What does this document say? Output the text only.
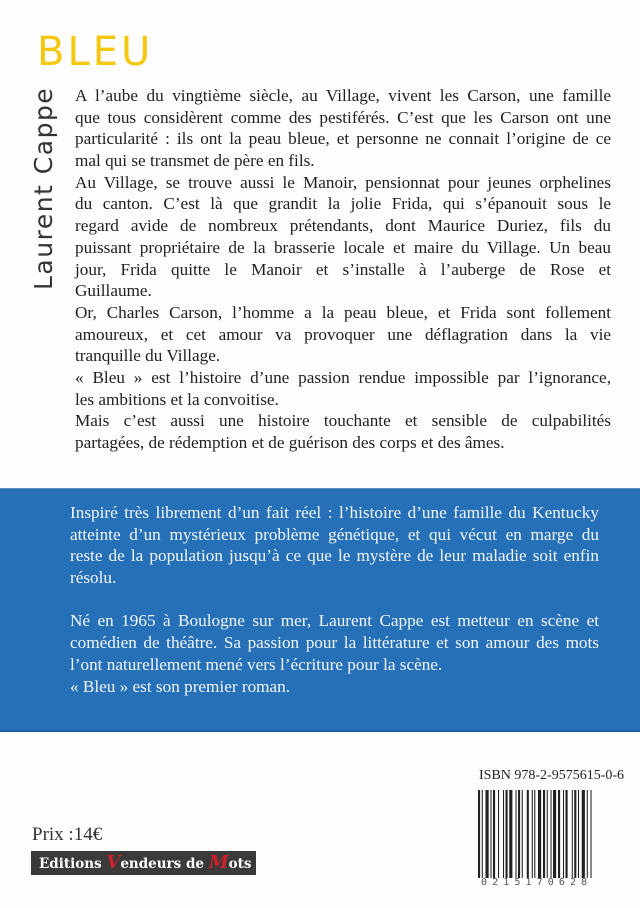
BLEU
Laurent Cappe A l’aube du vingtième siècle, au Village, vivent les Carson, une famille
que tous considèrent comme des pestiférés. C’est que les Carson ont une
particularité : ils ont la peau bleue, et personne ne connait l’origine de ce
mal qui se transmet de père en fils.
Au Village, se trouve aussi le Manoir, pensionnat pour jeunes orphelines
du canton. C’est là que grandit la jolie Frida, qui s’épanouit sous le
regard avide de nombreux prétendants, dont Maurice Duriez, fils du
puissant propriétaire de la brasserie locale et maire du Village. Un beau
jour, Frida quitte le Manoir et s’installe à l’auberge de Rose et
Guillaume.
Or, Charles Carson, l’homme a la peau bleue, et Frida sont follement
amoureux, et cet amour va provoquer une déflagration dans la vie
tranquille du Village.
« Bleu » est l’histoire d’une passion rendue impossible par l’ignorance,
les ambitions et la convoitise.
Mais c’est aussi une histoire touchante et sensible de culpabilités
partagées, de rédemption et de guérison des corps et des âmes.
Inspiré très librement d’un fait réel : l’histoire d’une famille du Kentucky
atteinte d’un mystérieux problème génétique, et qui vécut en marge du
reste de la population jusqu’à ce que le mystère de leur maladie soit enfin
résolu.
Né en 1965 à Boulogne sur mer, Laurent Cappe est metteur en scène et
comédien de théâtre. Sa passion pour la littérature et son amour des mots
l’ont naturellement mené vers l’écriture pour la scène.
« Bleu » est son premier roman.
ISBN 978-2-9575615-0-6
0215170628
Prix :14€
Editions Vendeurs de Mots
